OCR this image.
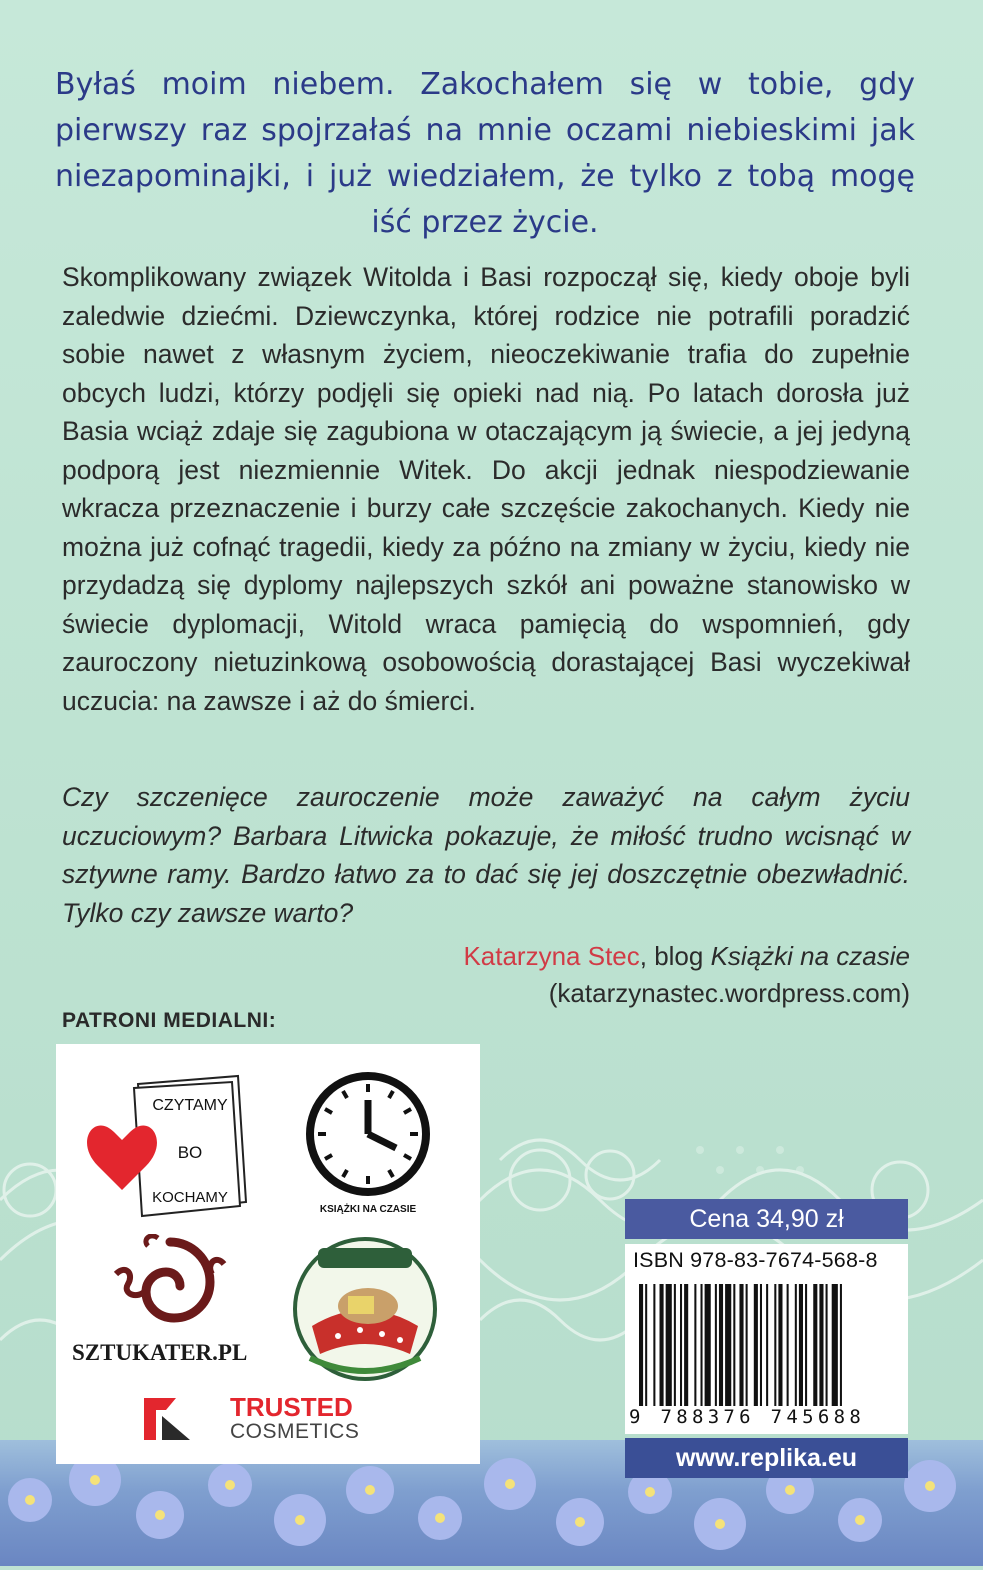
Byłaś moim niebem. Zakochałem się w tobie, gdy pierwszy raz spojrzałaś na mnie oczami niebieskimi jak niezapominajki, i już wiedziałem, że tylko z tobą mogę iść przez życie.

Skomplikowany związek Witolda i Basi rozpoczął się, kiedy oboje byli zaledwie dziećmi. Dziewczynka, której rodzice nie potrafili poradzić sobie nawet z własnym życiem, nieoczekiwanie trafia do zupełnie obcych ludzi, którzy podjęli się opieki nad nią. Po latach dorosła już Basia wciąż zdaje się zagubiona w otaczającym ją świecie, a jej jedyną podporą jest niezmiennie Witek. Do akcji jednak niespodziewanie wkracza przeznaczenie i burzy całe szczęście zakochanych. Kiedy nie można już cofnąć tragedii, kiedy za późno na zmiany w życiu, kiedy nie przydadzą się dyplomy najlepszych szkół ani poważne stanowisko w świecie dyplomacji, Witold wraca pamięcią do wspomnień, gdy zauroczony nietuzinkową osobowością dorastającej Basi wyczekiwał uczucia: na zawsze i aż do śmierci.

Czy szczenięce zauroczenie może zaważyć na całym życiu uczuciowym? Barbara Litwicka pokazuje, że miłość trudno wcisnąć w sztywne ramy. Bardzo łatwo za to dać się jej doszczętnie obezwładnić. Tylko czy zawsze warto?

Katarzyna Stec, blog Książki na czasie
(katarzynastec.wordpress.com)

PATRONI MEDIALNI:

CZYTAMY
BO
KOCHAMY
KSIĄŻKI NA CZASIE
SZTUKATER.PL
TRUSTED
COSMETICS
Cena 34,90 zł
ISBN 978-83-7674-568-8
9 788376 745688
www.replika.eu
